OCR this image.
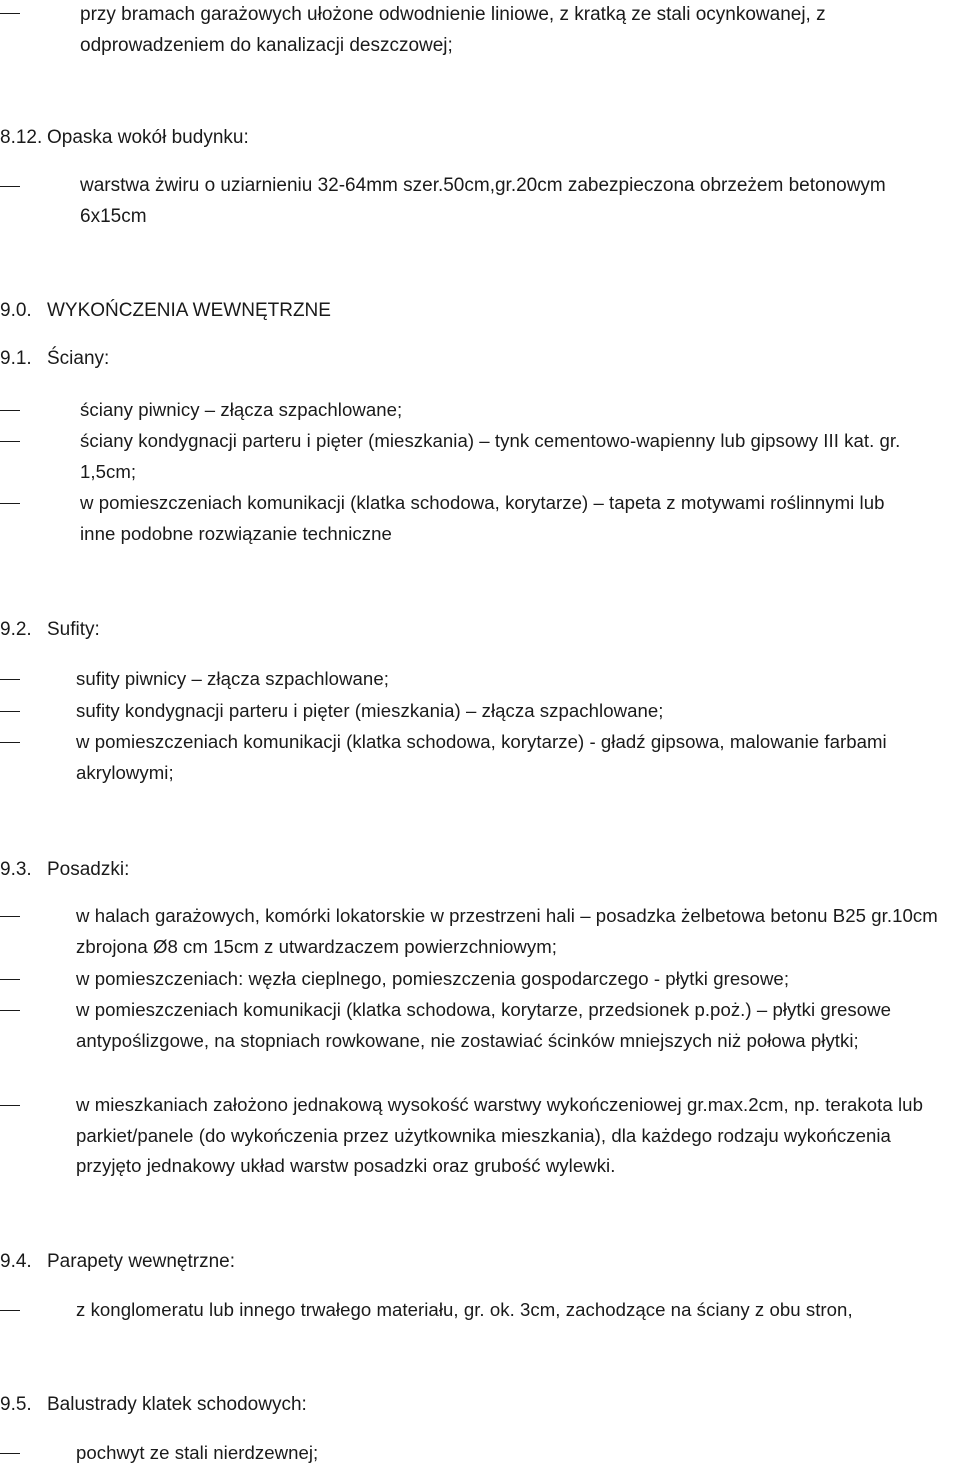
przy bramach garażowych ułożone odwodnienie liniowe, z kratką ze stali ocynkowanej, z odprowadzeniem do kanalizacji deszczowej;
8.12. Opaska wokół budynku:
warstwa żwiru o uziarnieniu 32-64mm szer.50cm,gr.20cm zabezpieczona obrzeżem betonowym 6x15cm
9.0. WYKOŃCZENIA WEWNĘTRZNE
9.1. Ściany:
ściany piwnicy – złącza szpachlowane;
ściany kondygnacji parteru i pięter (mieszkania) – tynk cementowo-wapienny lub gipsowy III kat. gr. 1,5cm;
w pomieszczeniach komunikacji (klatka schodowa, korytarze) – tapeta z motywami roślinnymi lub inne podobne rozwiązanie techniczne
9.2. Sufity:
sufity piwnicy – złącza szpachlowane;
sufity kondygnacji parteru i pięter (mieszkania) – złącza szpachlowane;
w pomieszczeniach komunikacji (klatka schodowa, korytarze) - gładź gipsowa, malowanie farbami akrylowymi;
9.3. Posadzki:
w halach garażowych, komórki lokatorskie w przestrzeni hali – posadzka żelbetowa betonu B25 gr.10cm zbrojona Ø8 cm 15cm z utwardzaczem powierzchniowym;
w pomieszczeniach: węzła cieplnego, pomieszczenia gospodarczego - płytki gresowe;
w pomieszczeniach komunikacji (klatka schodowa, korytarze, przedsionek p.poż.) – płytki gresowe antypoślizgowe, na stopniach rowkowane, nie zostawiać ścinków mniejszych niż połowa płytki;
w mieszkaniach założono jednakową wysokość warstwy wykończeniowej gr.max.2cm, np. terakota lub parkiet/panele (do wykończenia przez użytkownika mieszkania), dla każdego rodzaju wykończenia przyjęto jednakowy układ warstw posadzki oraz grubość wylewki.
9.4. Parapety wewnętrzne:
z konglomeratu lub innego trwałego materiału, gr. ok. 3cm, zachodzące na ściany z obu stron,
9.5. Balustrady klatek schodowych:
pochwyt ze stali nierdzewnej;
